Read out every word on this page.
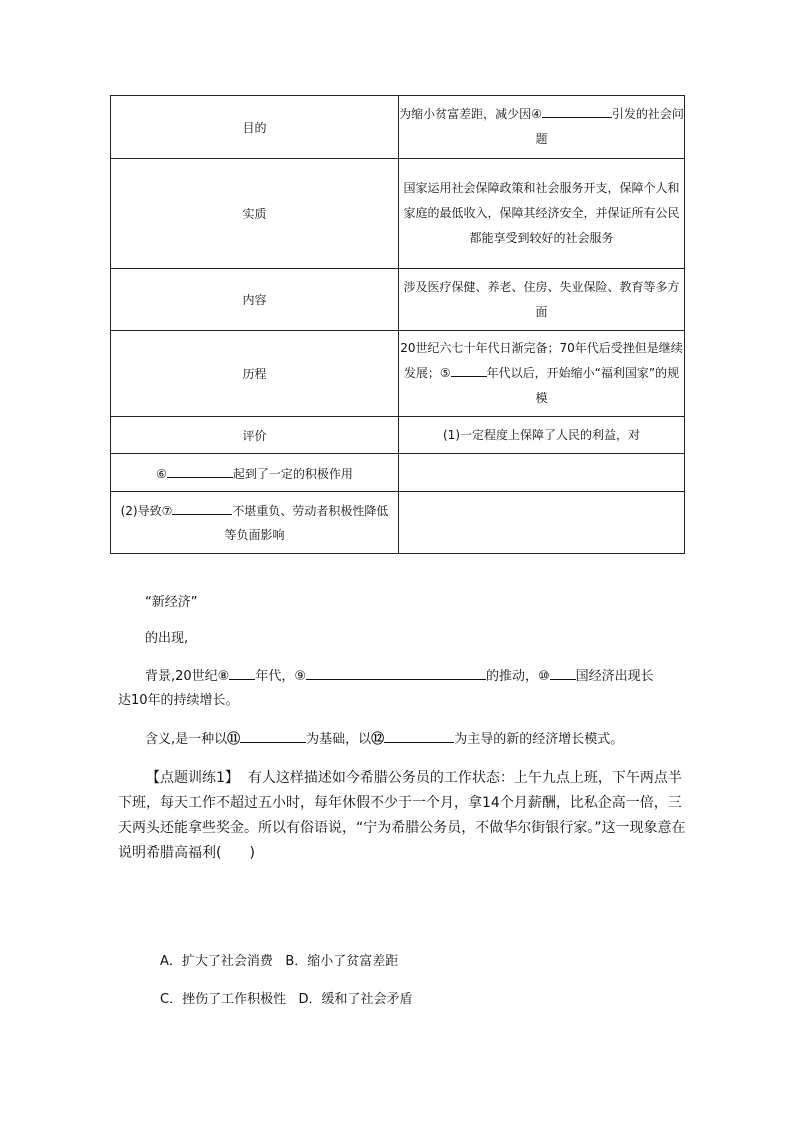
目的	为缩小贫富差距，减少因④ 引发的社会问题
实质	国家运用社会保障政策和社会服务开支，保障个人和家庭的最低收入，保障其经济安全，并保证所有公民都能享受到较好的社会服务
内容	涉及医疗保健、养老、住房、失业保险、教育等多方面
历程	20世纪六七十年代日渐完备；70年代后受挫但是继续发展；⑤ 年代以后，开始缩小“福利国家”的规模
评价	(1)一定程度上保障了人民的利益，对
⑥ 起到了一定的积极作用	
(2)导致⑦ 不堪重负、劳动者积极性降低等负面影响	
“新经济”
的出现,
背景,20世纪⑧ 年代，⑨	的推动，⑩ 国经济出现长
达10年的持续增长。
含义,是一种以⑪	为基础，以⑫	为主导的新的经济增长模式。
【点题训练1】 有人这样描述如今希腊公务员的工作状态：上午九点上班，下午两点半下班，每天工作不超过五小时，每年休假不少于一个月，拿14个月薪酬，比私企高一倍，三天两头还能拿些奖金。所以有俗语说，“宁为希腊公务员，不做华尔街银行家。”这一现象意在说明希腊高福利(　　)
A．扩大了社会消费 B．缩小了贫富差距
C．挫伤了工作积极性 D．缓和了社会矛盾
